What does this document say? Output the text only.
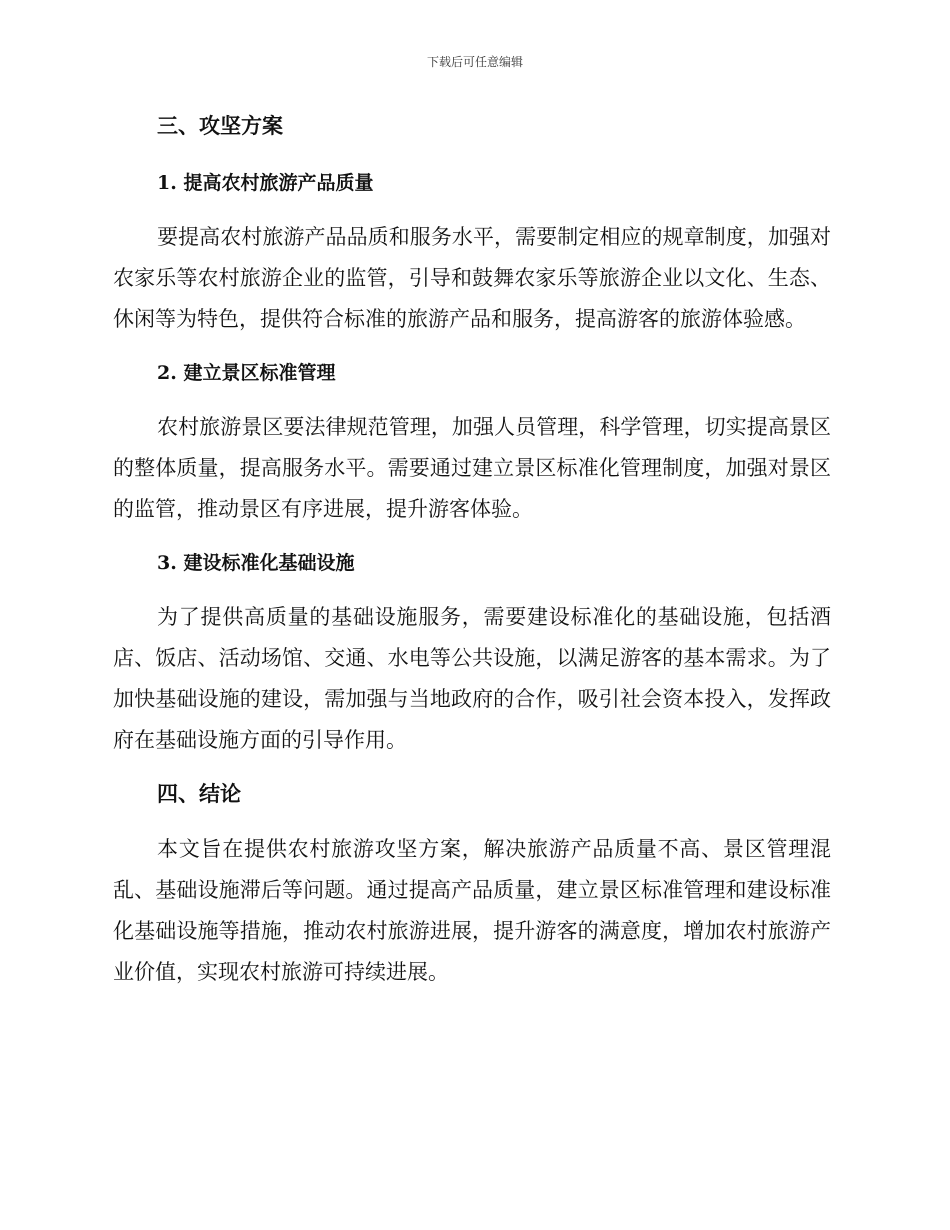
下载后可任意编辑
三、攻坚方案
1. 提高农村旅游产品质量

要提高农村旅游产品品质和服务水平，需要制定相应的规章制度，加强对农家乐等农村旅游企业的监管，引导和鼓舞农家乐等旅游企业以文化、生态、休闲等为特色，提供符合标准的旅游产品和服务，提高游客的旅游体验感。

2. 建立景区标准管理

农村旅游景区要法律规范管理，加强人员管理，科学管理，切实提高景区的整体质量，提高服务水平。需要通过建立景区标准化管理制度，加强对景区的监管，推动景区有序进展，提升游客体验。

3. 建设标准化基础设施

为了提供高质量的基础设施服务，需要建设标准化的基础设施，包括酒店、饭店、活动场馆、交通、水电等公共设施，以满足游客的基本需求。为了加快基础设施的建设，需加强与当地政府的合作，吸引社会资本投入，发挥政府在基础设施方面的引导作用。

四、结论

本文旨在提供农村旅游攻坚方案，解决旅游产品质量不高、景区管理混乱、基础设施滞后等问题。通过提高产品质量，建立景区标准管理和建设标准化基础设施等措施，推动农村旅游进展，提升游客的满意度，增加农村旅游产业价值，实现农村旅游可持续进展。
